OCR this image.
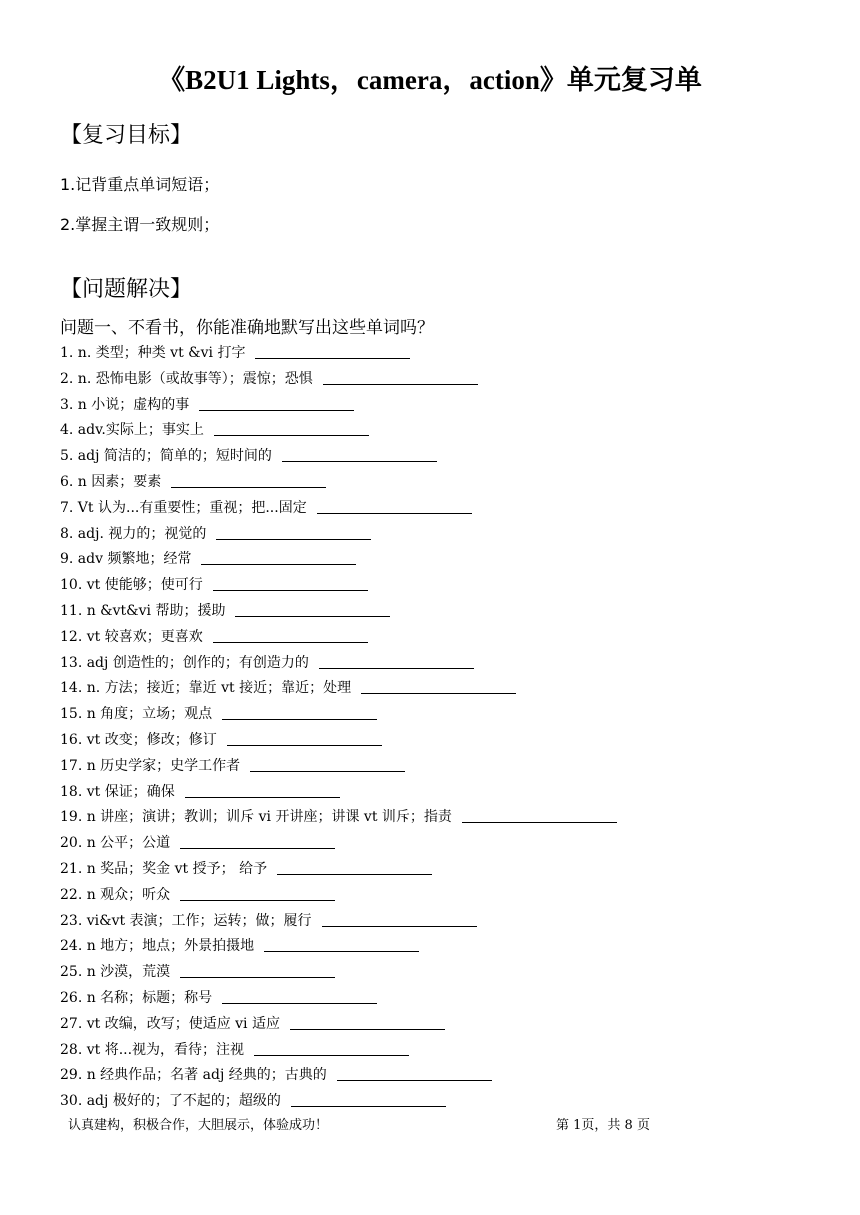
《B2U1 Lights，camera，action》单元复习单
【复习目标】
1.记背重点单词短语；
2.掌握主谓一致规则；
【问题解决】
问题一、不看书，你能准确地默写出这些单词吗？
1. n. 类型；种类 vt &vi 打字
2. n. 恐怖电影（或故事等）；震惊；恐惧
3. n 小说；虚构的事
4. adv.实际上；事实上
5. adj 简洁的；简单的；短时间的
6. n 因素；要素
7. Vt 认为...有重要性；重视；把...固定
8. adj. 视力的；视觉的
9. adv 频繁地；经常
10. vt 使能够；使可行
11. n &vt&vi 帮助；援助
12. vt 较喜欢；更喜欢
13. adj 创造性的；创作的；有创造力的
14. n. 方法；接近；靠近 vt 接近；靠近；处理
15. n 角度；立场；观点
16. vt 改变；修改；修订
17. n 历史学家；史学工作者
18. vt 保证；确保
19. n 讲座；演讲；教训；训斥 vi 开讲座；讲课 vt 训斥；指责
20. n 公平；公道
21. n 奖品；奖金 vt 授予； 给予
22. n 观众；听众
23. vi&vt 表演；工作；运转；做；履行
24. n 地方；地点；外景拍摄地
25. n 沙漠，荒漠
26. n 名称；标题；称号
27. vt 改编，改写；使适应 vi 适应
28. vt 将...视为，看待；注视
29. n 经典作品；名著 adj 经典的；古典的
30. adj 极好的；了不起的；超级的
认真建构，积极合作，大胆展示，体验成功！	第 1页，共 8 页
